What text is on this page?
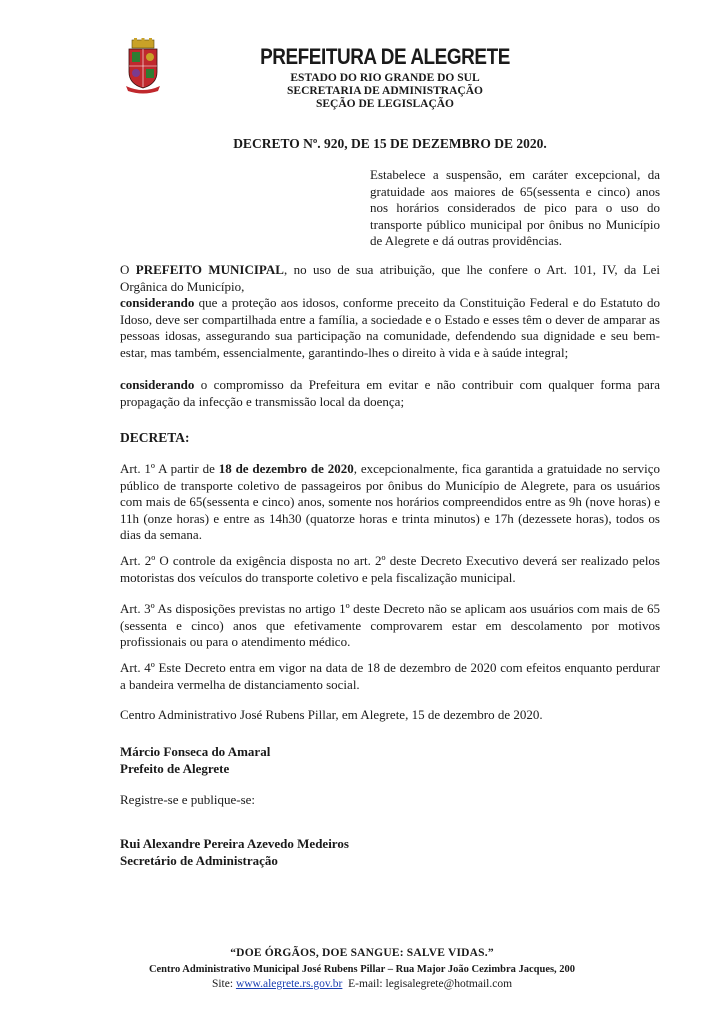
PREFEITURA DE ALEGRETE
ESTADO DO RIO GRANDE DO SUL
SECRETARIA DE ADMINISTRAÇÃO
SEÇÃO DE LEGISLAÇÃO
DECRETO Nº. 920, DE 15 DE DEZEMBRO DE 2020.
Estabelece a suspensão, em caráter excepcional, da gratuidade aos maiores de 65(sessenta e cinco) anos nos horários considerados de pico para o uso do transporte público municipal por ônibus no Município de Alegrete e dá outras providências.
O PREFEITO MUNICIPAL, no uso de sua atribuição, que lhe confere o Art. 101, IV, da Lei Orgânica do Município,
considerando que a proteção aos idosos, conforme preceito da Constituição Federal e do Estatuto do Idoso, deve ser compartilhada entre a família, a sociedade e o Estado e esses têm o dever de amparar as pessoas idosas, assegurando sua participação na comunidade, defendendo sua dignidade e seu bem-estar, mas também, essencialmente, garantindo-lhes o direito à vida e à saúde integral;
considerando o compromisso da Prefeitura em evitar e não contribuir com qualquer forma para propagação da infecção e transmissão local da doença;
DECRETA:
Art. 1º A partir de 18 de dezembro de 2020, excepcionalmente, fica garantida a gratuidade no serviço público de transporte coletivo de passageiros por ônibus do Município de Alegrete, para os usuários com mais de 65(sessenta e cinco) anos, somente nos horários compreendidos entre as 9h (nove horas) e 11h (onze horas) e entre as 14h30 (quatorze horas e trinta minutos) e 17h (dezessete horas), todos os dias da semana.
Art. 2º O controle da exigência disposta no art. 2º deste Decreto Executivo deverá ser realizado pelos motoristas dos veículos do transporte coletivo e pela fiscalização municipal.
Art. 3º As disposições previstas no artigo 1º deste Decreto não se aplicam aos usuários com mais de 65 (sessenta e cinco) anos que efetivamente comprovarem estar em descolamento por motivos profissionais ou para o atendimento médico.
Art. 4º Este Decreto entra em vigor na data de 18 de dezembro de 2020 com efeitos enquanto perdurar a bandeira vermelha de distanciamento social.
Centro Administrativo José Rubens Pillar, em Alegrete, 15 de dezembro de 2020.
Márcio Fonseca do Amaral
Prefeito de Alegrete
Registre-se e publique-se:
Rui Alexandre Pereira Azevedo Medeiros
Secretário de Administração
“DOE ÓRGÃOS, DOE SANGUE: SALVE VIDAS.”
Centro Administrativo Municipal José Rubens Pillar – Rua Major João Cezimbra Jacques, 200
Site: www.alegrete.rs.gov.br  E-mail: legisalegrete@hotmail.com
